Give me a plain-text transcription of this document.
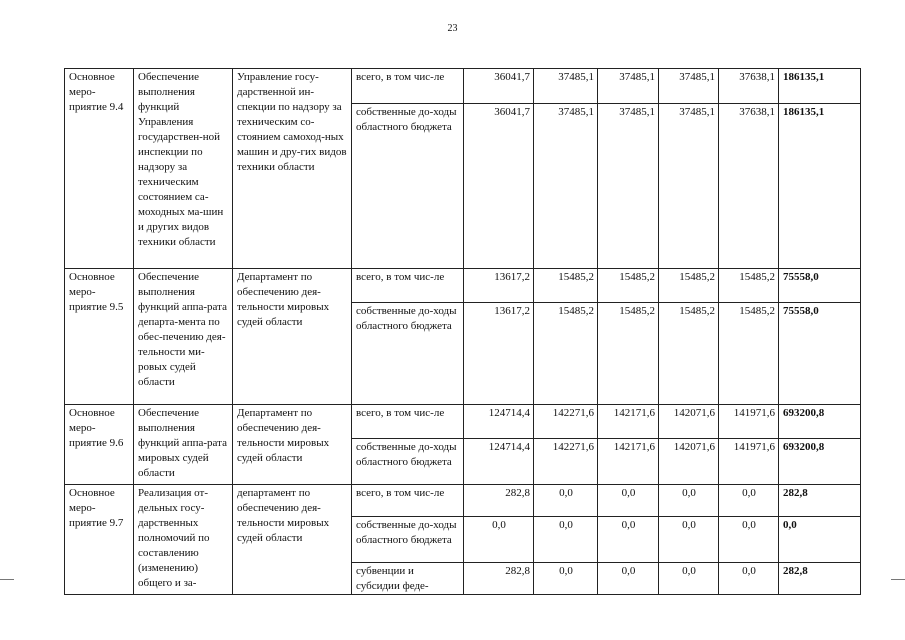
23
Основное меро-приятие 9.4	Обеспечение выполнения функций Управления государствен-ной инспекции по надзору за техническим состоянием са-моходных ма-шин и других видов техники области	Управление госу-дарственной ин-спекции по надзору за техническим со-стоянием самоход-ных машин и дру-гих видов техники области	всего, в том чис-ле	36041,7	37485,1	37485,1	37485,1	37638,1	186135,1
			собственные до-ходы областного бюджета	36041,7	37485,1	37485,1	37485,1	37638,1	186135,1
Основное меро-приятие 9.5	Обеспечение выполнения функций аппа-рата департа-мента по обес-печению дея-тельности ми-ровых судей области	Департамент по обеспечению дея-тельности мировых судей области	всего, в том чис-ле	13617,2	15485,2	15485,2	15485,2	15485,2	75558,0
			собственные до-ходы областного бюджета	13617,2	15485,2	15485,2	15485,2	15485,2	75558,0
Основное меро-приятие 9.6	Обеспечение выполнения функций аппа-рата мировых судей области	Департамент по обеспечению дея-тельности мировых судей области	всего, в том чис-ле	124714,4	142271,6	142171,6	142071,6	141971,6	693200,8
			собственные до-ходы областного бюджета	124714,4	142271,6	142171,6	142071,6	141971,6	693200,8
Основное меро-приятие 9.7	Реализация от-дельных госу-дарственных полномочий по составлению (изменению) общего и за-	департамент по обеспечению дея-тельности мировых судей области	всего, в том чис-ле	282,8	0,0	0,0	0,0	0,0	282,8
			собственные до-ходы областного бюджета	0,0	0,0	0,0	0,0	0,0	0,0
			субвенции и субсидии феде-	282,8	0,0	0,0	0,0	0,0	282,8
